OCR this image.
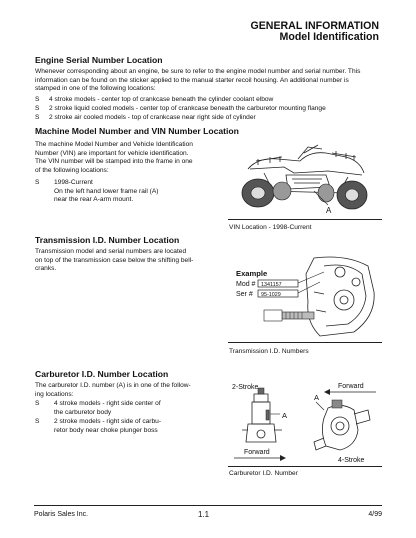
GENERAL INFORMATION
Model Identification
Engine Serial Number Location
Whenever corresponding about an engine, be sure to refer to the engine model number and serial number. This
information can be found on the sticker applied to the manual starter recoil housing. An additional number is
stamped in one of the following locations:
S 4 stroke models - center top of crankcase beneath the cylinder coolant elbow
S 2 stroke liquid cooled models - center top of crankcase beneath the carburetor mounting flange
S 2 stroke air cooled models - top of crankcase near right side of cylinder
Machine Model Number and VIN Number Location
The machine Model Number and Vehicle Identification
Number (VIN) are important for vehicle identification.
The VIN number will be stamped into the frame in one
of the following locations:
S 1998-Current
On the left hand lower frame rail (A)
near the rear A-arm mount.
A
VIN Location - 1998-Current
Transmission I.D. Number Location
Transmission model and serial numbers are located
on top of the transmission case below the shifting bell-
cranks.
Example
Mod # 1341157
Ser # 95-1029
Transmission I.D. Numbers
Carburetor I.D. Number Location
The carburetor I.D. number (A) is in one of the follow-
ing locations:
S 4 stroke models - right side center of
the carburetor body
S 2 stroke models - right side of carbu-
retor body near choke plunger boss
2-Stroke
A
Forward
Forward
A
4-Stroke
Carburetor I.D. Number
Polaris Sales Inc.	1.1	4/99
